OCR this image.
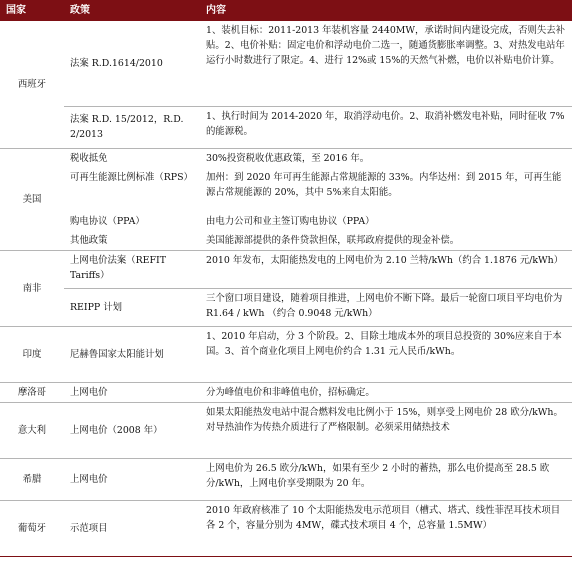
国家	政策	内容
西班牙	法案 R.D.1614/2010	1、装机目标：2011-2013 年装机容量 2440MW，承诺时间内建设完成，否则失去补贴。2、电价补贴：固定电价和浮动电价二选一，随通货膨胀率调整。3、对热发电站年运行小时数进行了限定。4、进行 12%或 15%的天然气补燃，电价以补贴电价计算。
	法案 R.D. 15/2012，R.D. 2/2013	1、执行时间为 2014-2020 年，取消浮动电价。2、取消补燃发电补贴，同时征收 7%的能源税。
美国	税收抵免	30%投资税收优惠政策，至 2016 年。
	可再生能源比例标准（RPS）	加州：到 2020 年可再生能源占常规能源的 33%。内华达州：到 2015 年，可再生能源占常规能源的 20%，其中 5%来自太阳能。
	购电协议（PPA）	由电力公司和业主签订购电协议（PPA）
	其他政策	美国能源部提供的条件贷款担保，联邦政府提供的现金补偿。
南非	上网电价法案（REFIT Tariffs）	2010 年发布，太阳能热发电的上网电价为 2.10 兰特/kWh（约合 1.1876 元/kWh）
	REIPP 计划	三个窗口项目建设，随着项目推进，上网电价不断下降。最后一轮窗口项目平均电价为 R1.64 / kWh （约合 0.9048 元/kWh）
印度	尼赫鲁国家太阳能计划	1、2010 年启动，分 3 个阶段。2、目除土地成本外的项目总投资的 30%应来自于本国。3、首个商业化项目上网电价约合 1.31 元人民币/kWh。
摩洛哥	上网电价	分为峰值电价和非峰值电价，招标确定。
意大利	上网电价（2008 年）	如果太阳能热发电站中混合燃料发电比例小于 15%，则享受上网电价 28 欧分/kWh。对导热油作为传热介质进行了严格限制。必须采用储热技术
希腊	上网电价	上网电价为 26.5 欧分/kWh，如果有至少 2 小时的蓄热，那么电价提高至 28.5 欧分/kWh，上网电价享受期限为 20 年。
葡萄牙	示范项目	2010 年政府核准了 10 个太阳能热发电示范项目（槽式、塔式、线性菲涅耳技术项目各 2 个，容量分别为 4MW，碟式技术项目 4 个，总容量 1.5MW）
